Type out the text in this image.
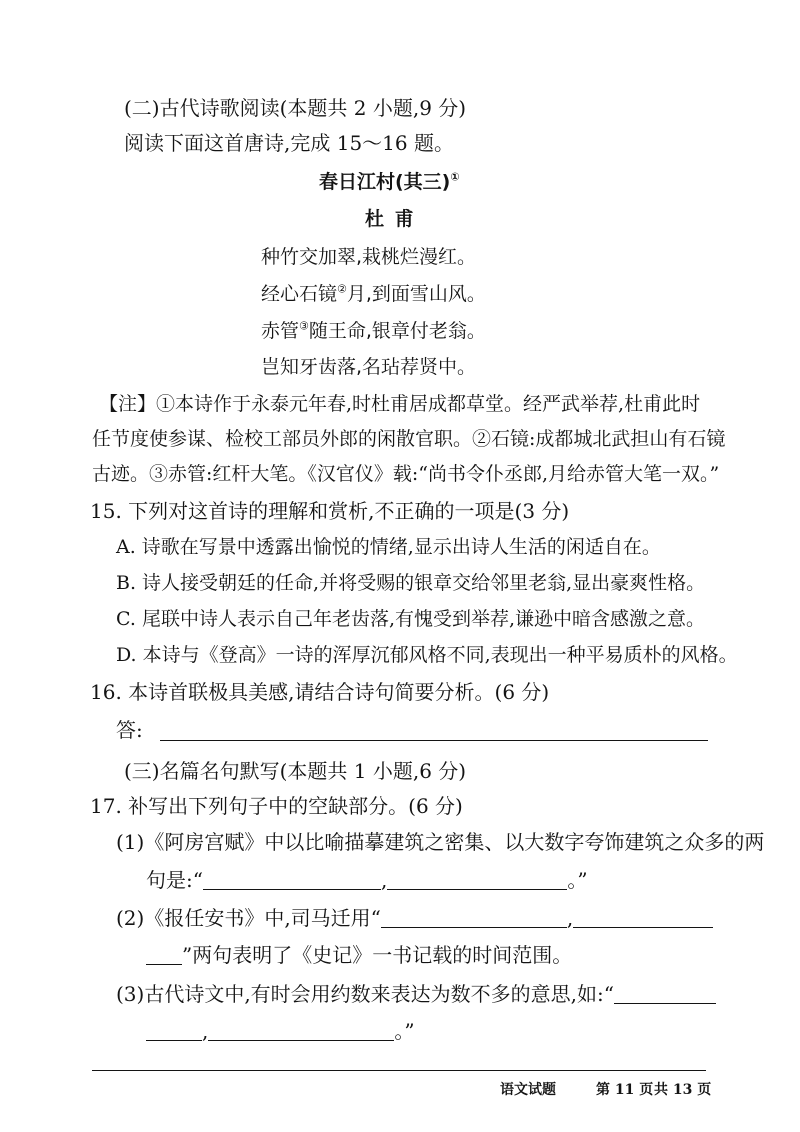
(二)古代诗歌阅读(本题共 2 小题,9 分)
阅读下面这首唐诗,完成 15～16 题。
春日江村(其三)①
杜 甫
种竹交加翠,栽桃烂漫红。
经心石镜②月,到面雪山风。
赤管③随王命,银章付老翁。
岂知牙齿落,名玷荐贤中。
【注】①本诗作于永泰元年春,时杜甫居成都草堂。经严武举荐,杜甫此时
任节度使参谋、检校工部员外郎的闲散官职。②石镜:成都城北武担山有石镜
古迹。③赤管:红杆大笔。《汉官仪》载:“尚书令仆丞郎,月给赤管大笔一双。”
15. 下列对这首诗的理解和赏析,不正确的一项是(3 分)
A. 诗歌在写景中透露出愉悦的情绪,显示出诗人生活的闲适自在。
B. 诗人接受朝廷的任命,并将受赐的银章交给邻里老翁,显出豪爽性格。
C. 尾联中诗人表示自己年老齿落,有愧受到举荐,谦逊中暗含感激之意。
D. 本诗与《登高》一诗的浑厚沉郁风格不同,表现出一种平易质朴的风格。
16. 本诗首联极具美感,请结合诗句简要分析。(6 分)
答:
(三)名篇名句默写(本题共 1 小题,6 分)
17. 补写出下列句子中的空缺部分。(6 分)
(1)《阿房宫赋》中以比喻描摹建筑之密集、以大数字夸饰建筑之众多的两
句是:“	,	。”
(2)《报任安书》中,司马迁用“	,
”两句表明了《史记》一书记载的时间范围。
(3)古代诗文中,有时会用约数来表达为数不多的意思,如:“
,	。”
语文试题	第 11 页 共 13 页
